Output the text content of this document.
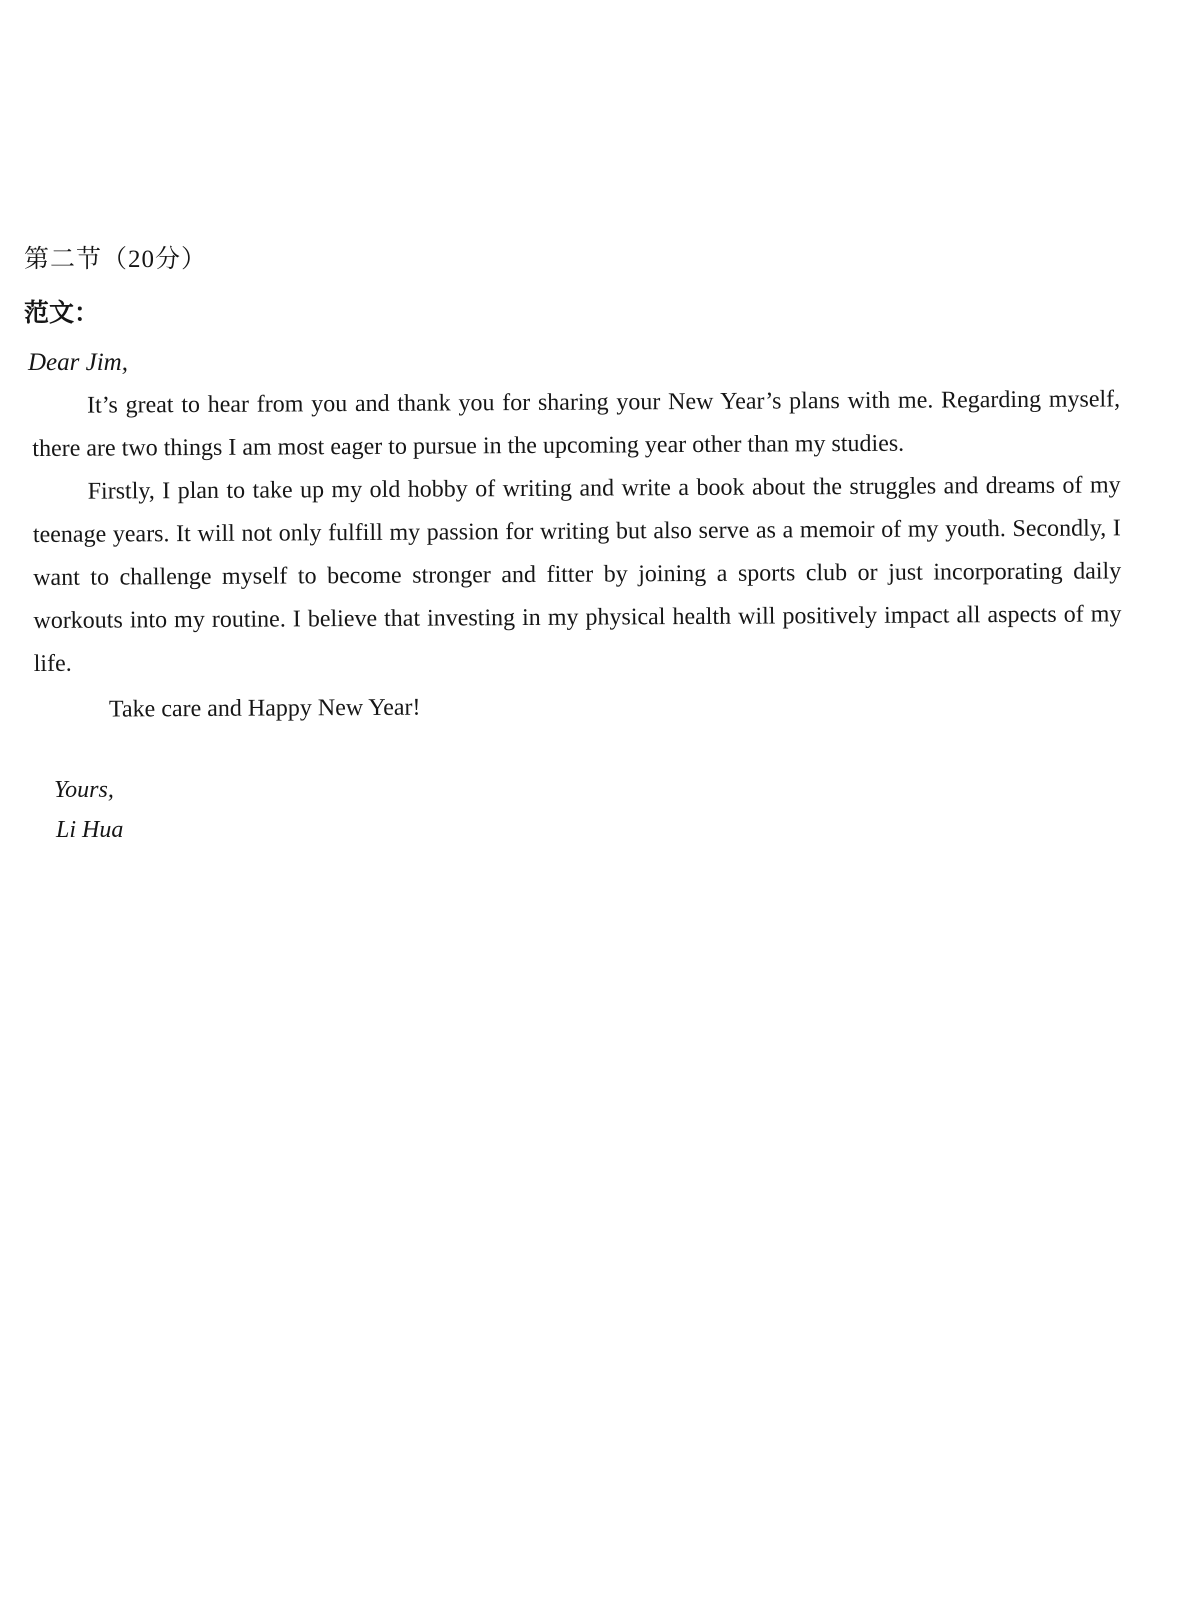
第二节（20分）
范文：
Dear Jim,

It’s great to hear from you and thank you for sharing your New Year’s plans with me. Regarding myself, there are two things I am most eager to pursue in the upcoming year other than my studies.

Firstly, I plan to take up my old hobby of writing and write a book about the struggles and dreams of my teenage years. It will not only fulfill my passion for writing but also serve as a memoir of my youth. Secondly, I want to challenge myself to become stronger and fitter by joining a sports club or just incorporating daily workouts into my routine. I believe that investing in my physical health will positively impact all aspects of my life.

Take care and Happy New Year!

Yours,
Li Hua
